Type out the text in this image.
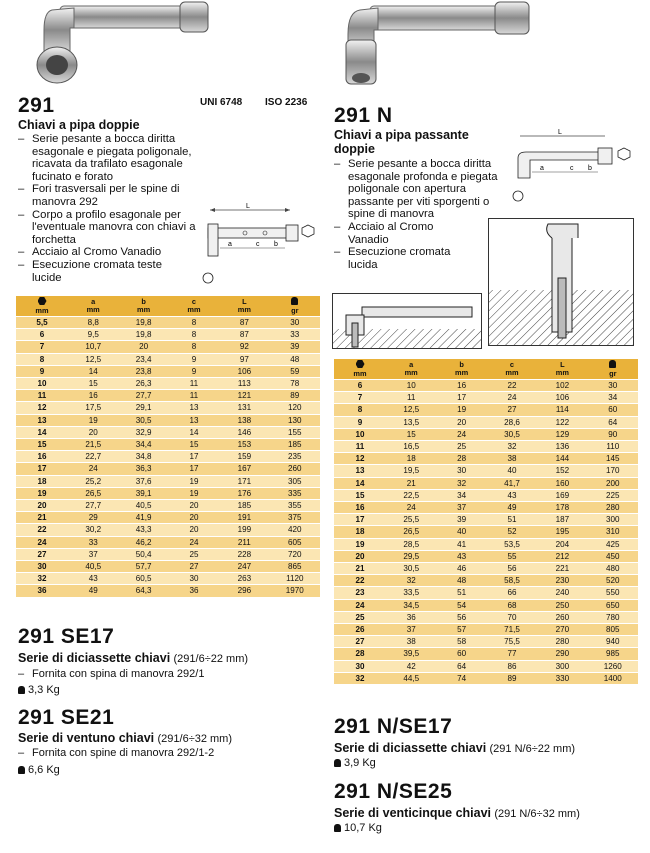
291	UNI 6748 ISO 2236
Chiavi a pipa doppie
– Serie pesante a bocca diritta esagonale e piegata poligonale, ricavata da trafilato esagonale fucinato e forato
– Fori trasversali per le spine di manovra 292
– Corpo a profilo esagonale per l'eventuale manovra con chiavi a forchetta
– Acciaio al Cromo Vanadio
– Esecuzione cromata teste lucide
L
a	c b

mm	a
mm	b
mm	c
mm	L
mm	gr
5,5	8,8	19,8	8	87	30
6	9,5	19,8	8	87	33
7	10,7	20	8	92	39
8	12,5	23,4	9	97	48
9	14	23,8	9	106	59
10	15	26,3	11	113	78
11	16	27,7	11	121	89
12	17,5	29,1	13	131	120
13	19	30,5	13	138	130
14	20	32,9	14	146	155
15	21,5	34,4	15	153	185
16	22,7	34,8	17	159	235
17	24	36,3	17	167	260
18	25,2	37,6	19	171	305
19	26,5	39,1	19	176	335
20	27,7	40,5	20	185	355
21	29	41,9	20	191	375
22	30,2	43,3	20	199	420
24	33	46,2	24	211	605
27	37	50,4	25	228	720
30	40,5	57,7	27	247	865
32	43	60,5	30	263	1120
36	49	64,3	36	296	1970
291 SE17
Serie di diciassette chiavi (291/6÷22 mm)
– Fornita con spina di manovra 292/1
3,3 Kg
291 SE21
Serie di ventuno chiavi (291/6÷32 mm)
– Fornita con spine di manovra 292/1-2
6,6 Kg
291 N
Chiavi a pipa passante doppie
– Serie pesante a bocca diritta esagonale profonda e piegata poligonale con apertura passante per viti sporgenti o spine di manovra
– Acciaio al Cromo Vanadio
– Esecuzione cromata lucida
L
a	c b

mm	a
mm	b
mm	c
mm	L
mm	gr
6	10	16	22	102	30
7	11	17	24	106	34
8	12,5	19	27	114	60
9	13,5	20	28,6	122	64
10	15	24	30,5	129	90
11	16,5	25	32	136	110
12	18	28	38	144	145
13	19,5	30	40	152	170
14	21	32	41,7	160	200
15	22,5	34	43	169	225
16	24	37	49	178	280
17	25,5	39	51	187	300
18	26,5	40	52	195	310
19	28,5	41	53,5	204	425
20	29,5	43	55	212	450
21	30,5	46	56	221	480
22	32	48	58,5	230	520
23	33,5	51	66	240	550
24	34,5	54	68	250	650
25	36	56	70	260	780
26	37	57	71,5	270	805
27	38	58	75,5	280	940
28	39,5	60	77	290	985
30	42	64	86	300	1260
32	44,5	74	89	330	1400
291 N/SE17
Serie di diciassette chiavi (291 N/6÷22 mm)
3,9 Kg
291 N/SE25
Serie di venticinque chiavi (291 N/6÷32 mm)
10,7 Kg
